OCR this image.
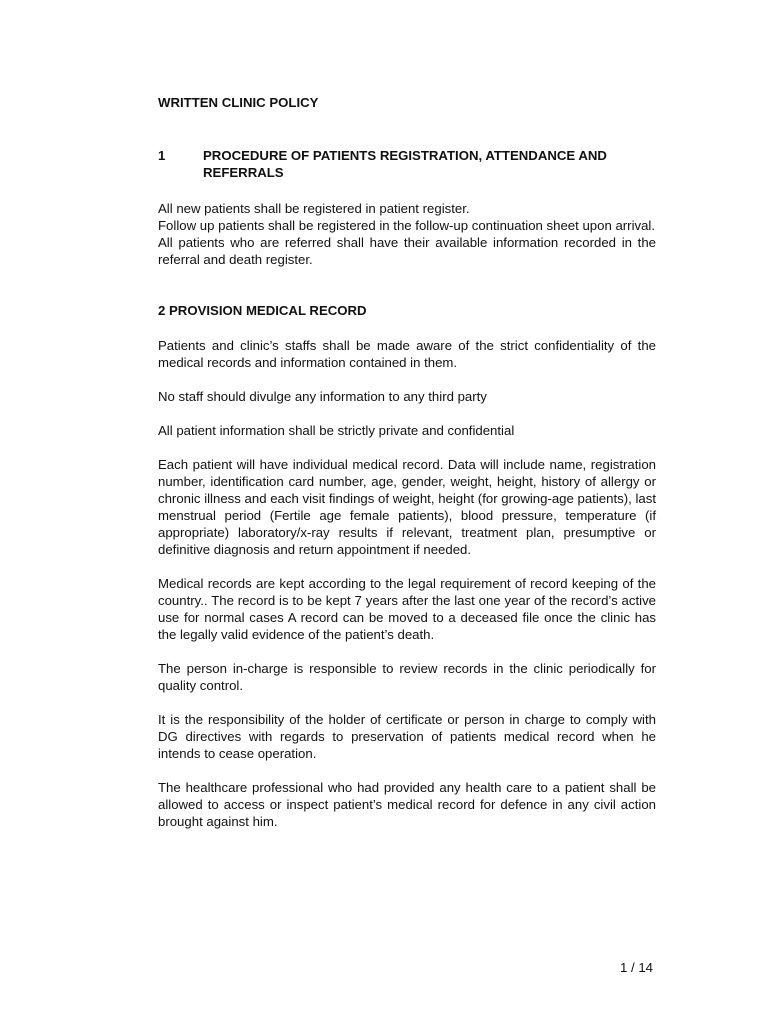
WRITTEN CLINIC POLICY
1	PROCEDURE OF PATIENTS REGISTRATION, ATTENDANCE AND REFERRALS

All new patients shall be registered in patient register.

Follow up patients shall be registered in the follow-up continuation sheet upon arrival.

All patients who are referred shall have their available information recorded in the referral and death register.

2 PROVISION MEDICAL RECORD

Patients and clinic’s staffs shall be made aware of the strict confidentiality of the medical records and information contained in them.

No staff should divulge any information to any third party

All patient information shall be strictly private and confidential

Each patient will have individual medical record. Data will include name, registration number, identification card number, age, gender, weight, height, history of allergy or chronic illness and each visit findings of weight, height (for growing-age patients), last menstrual period (Fertile age female patients), blood pressure, temperature (if appropriate) laboratory/x-ray results if relevant, treatment plan, presumptive or definitive diagnosis and return appointment if needed.

Medical records are kept according to the legal requirement of record keeping of the country.. The record is to be kept 7 years after the last one year of the record’s active use for normal cases A record can be moved to a deceased file once the clinic has the legally valid evidence of the patient’s death.

The person in-charge is responsible to review records in the clinic periodically for quality control.

It is the responsibility of the holder of certificate or person in charge to comply with DG directives with regards to preservation of patients medical record when he intends to cease operation.

The healthcare professional who had provided any health care to a patient shall be allowed to access or inspect patient’s medical record for defence in any civil action brought against him.

1 / 14
